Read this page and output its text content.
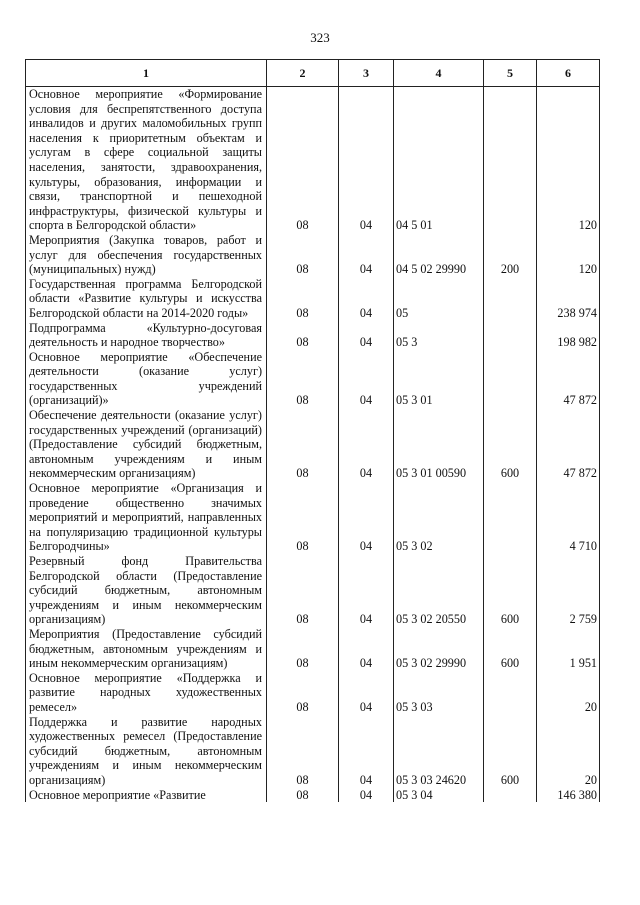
323
1	2	3	4	5	6
Основное мероприятие «Формирование условия для беспрепятственного доступа инвалидов и других маломобильных групп населения к приоритетным объектам и услугам в сфере социальной защиты населения, занятости, здравоохранения, культуры, образования, информации и связи, транспортной и пешеходной инфраструктуры, физической культуры и спорта в Белгородской области»	08	04	04 5 01		120
Мероприятия (Закупка товаров, работ и услуг для обеспечения государственных (муниципальных) нужд)	08	04	04 5 02 29990	200	120
Государственная программа Белгородской области «Развитие культуры и искусства Белгородской области на 2014-2020 годы»	08	04	05		238 974
Подпрограмма «Культурно-досуговая деятельность и народное творчество»	08	04	05 3		198 982
Основное мероприятие «Обеспечение деятельности (оказание услуг) государственных учреждений (организаций)»	08	04	05 3 01		47 872
Обеспечение деятельности (оказание услуг) государственных учреждений (организаций) (Предоставление субсидий бюджетным, автономным учреждениям и иным некоммерческим организациям)	08	04	05 3 01 00590	600	47 872
Основное мероприятие «Организация и проведение общественно значимых мероприятий и мероприятий, направленных на популяризацию традиционной культуры Белгородчины»	08	04	05 3 02		4 710
Резервный фонд Правительства Белгородской области (Предоставление субсидий бюджетным, автономным учреждениям и иным некоммерческим организациям)	08	04	05 3 02 20550	600	2 759
Мероприятия (Предоставление субсидий бюджетным, автономным учреждениям и иным некоммерческим организациям)	08	04	05 3 02 29990	600	1 951
Основное мероприятие «Поддержка и развитие народных художественных ремесел»	08	04	05 3 03		20
Поддержка и развитие народных художественных ремесел (Предоставление субсидий бюджетным, автономным учреждениям и иным некоммерческим организациям)	08	04	05 3 03 24620	600	20
Основное мероприятие «Развитие	08	04	05 3 04		146 380
